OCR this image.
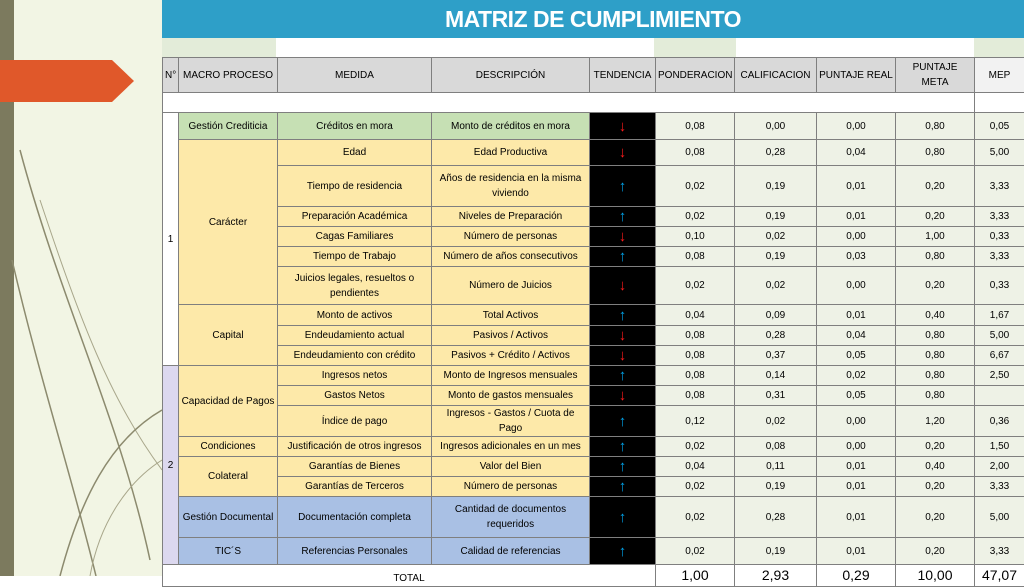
MATRIZ DE CUMPLIMIENTO
N°	MACRO PROCESO	MEDIDA	DESCRIPCIÓN	TENDENCIA	PONDERACION	CALIFICACION	PUNTAJE REAL	PUNTAJE META	MEP

1	Gestión Crediticia	Créditos en mora	Monto de créditos en mora	↓	0,08	0,00	0,00	0,80	0,05
	Carácter	Edad	Edad Productiva	↓	0,08	0,28	0,04	0,80	5,00
		Tiempo de residencia	Años de residencia en la misma viviendo	↑	0,02	0,19	0,01	0,20	3,33
		Preparación Académica	Niveles de Preparación	↑	0,02	0,19	0,01	0,20	3,33
		Cagas Familiares	Número de personas	↓	0,10	0,02	0,00	1,00	0,33
		Tiempo de Trabajo	Número de años consecutivos	↑	0,08	0,19	0,03	0,80	3,33
		Juicios legales, resueltos o pendientes	Número de Juicios	↓	0,02	0,02	0,00	0,20	0,33
	Capital	Monto de activos	Total Activos	↑	0,04	0,09	0,01	0,40	1,67
		Endeudamiento actual	Pasivos / Activos	↓	0,08	0,28	0,04	0,80	5,00
		Endeudamiento con crédito	Pasivos + Crédito / Activos	↓	0,08	0,37	0,05	0,80	6,67
2	Capacidad de Pagos	Ingresos netos	Monto de Ingresos mensuales	↑	0,08	0,14	0,02	0,80	2,50
		Gastos Netos	Monto de gastos mensuales	↓	0,08	0,31	0,05	0,80	
		Índice de pago	Ingresos - Gastos / Cuota de Pago	↑	0,12	0,02	0,00	1,20	0,36
	Condiciones	Justificación de otros ingresos	Ingresos adicionales en un mes	↑	0,02	0,08	0,00	0,20	1,50
	Colateral	Garantías de Bienes	Valor del Bien	↑	0,04	0,11	0,01	0,40	2,00
		Garantías de Terceros	Número de personas	↑	0,02	0,19	0,01	0,20	3,33
	Gestión Documental	Documentación completa	Cantidad de documentos requeridos	↑	0,02	0,28	0,01	0,20	5,00
	TIC´S	Referencias Personales	Calidad de referencias	↑	0,02	0,19	0,01	0,20	3,33
TOTAL					1,00	2,93	0,29	10,00	47,07
